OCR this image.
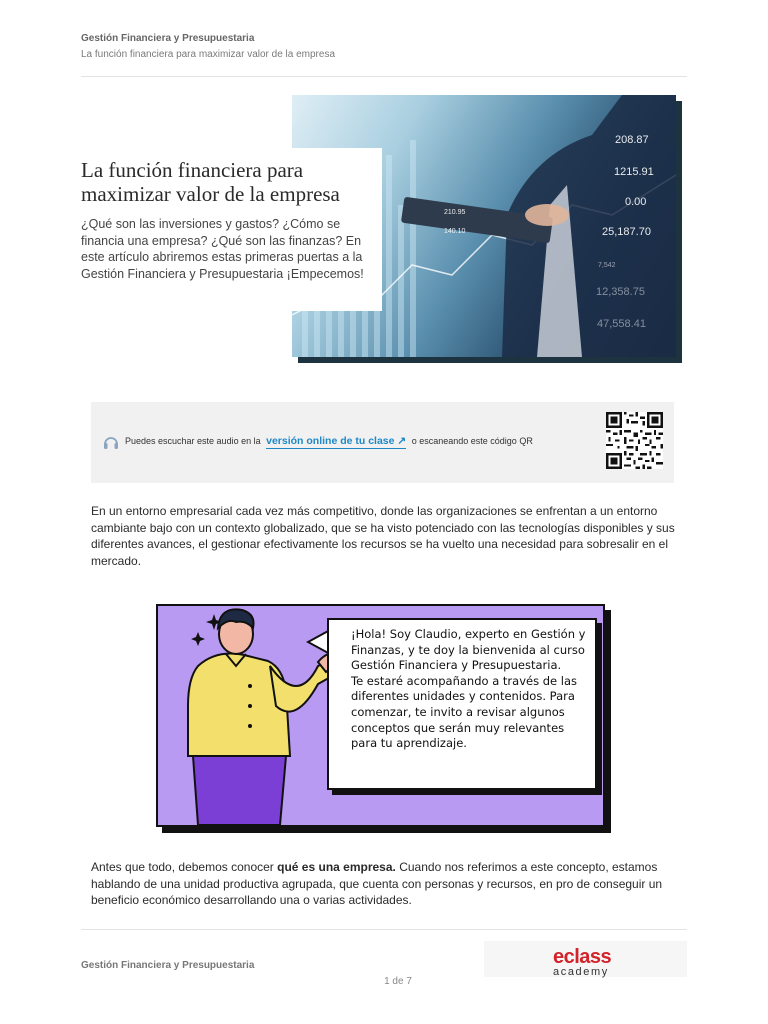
Gestión Financiera y Presupuestaria
La función financiera para maximizar valor de la empresa
208.87
1215.91
0.00
25,187.70
12,358.75
47,558.41
210.95
140.10
7,542
La función financiera para maximizar valor de la empresa
¿Qué son las inversiones y gastos? ¿Cómo se financia una empresa? ¿Qué son las finanzas? En este artículo abriremos estas primeras puertas a la Gestión Financiera y Presupuestaria ¡Empecemos!
Puedes escuchar este audio en la versión online de tu clase ↗ o escaneando este código QR
En un entorno empresarial cada vez más competitivo, donde las organizaciones se enfrentan a un entorno cambiante bajo con un contexto globalizado, que se ha visto potenciado con las tecnologías disponibles y sus diferentes avances, el gestionar efectivamente los recursos se ha vuelto una necesidad para sobresalir en el mercado.
¡Hola! Soy Claudio, experto en Gestión y Finanzas, y te doy la bienvenida al curso Gestión Financiera y Presupuestaria.
Te estaré acompañando a través de las diferentes unidades y contenidos. Para comenzar, te invito a revisar algunos conceptos que serán muy relevantes para tu aprendizaje.
Antes que todo, debemos conocer qué es una empresa. Cuando nos referimos a este concepto, estamos hablando de una unidad productiva agrupada, que cuenta con personas y recursos, en pro de conseguir un beneficio económico desarrollando una o varias actividades.
Gestión Financiera y Presupuestaria
1 de 7
eclass
academy
